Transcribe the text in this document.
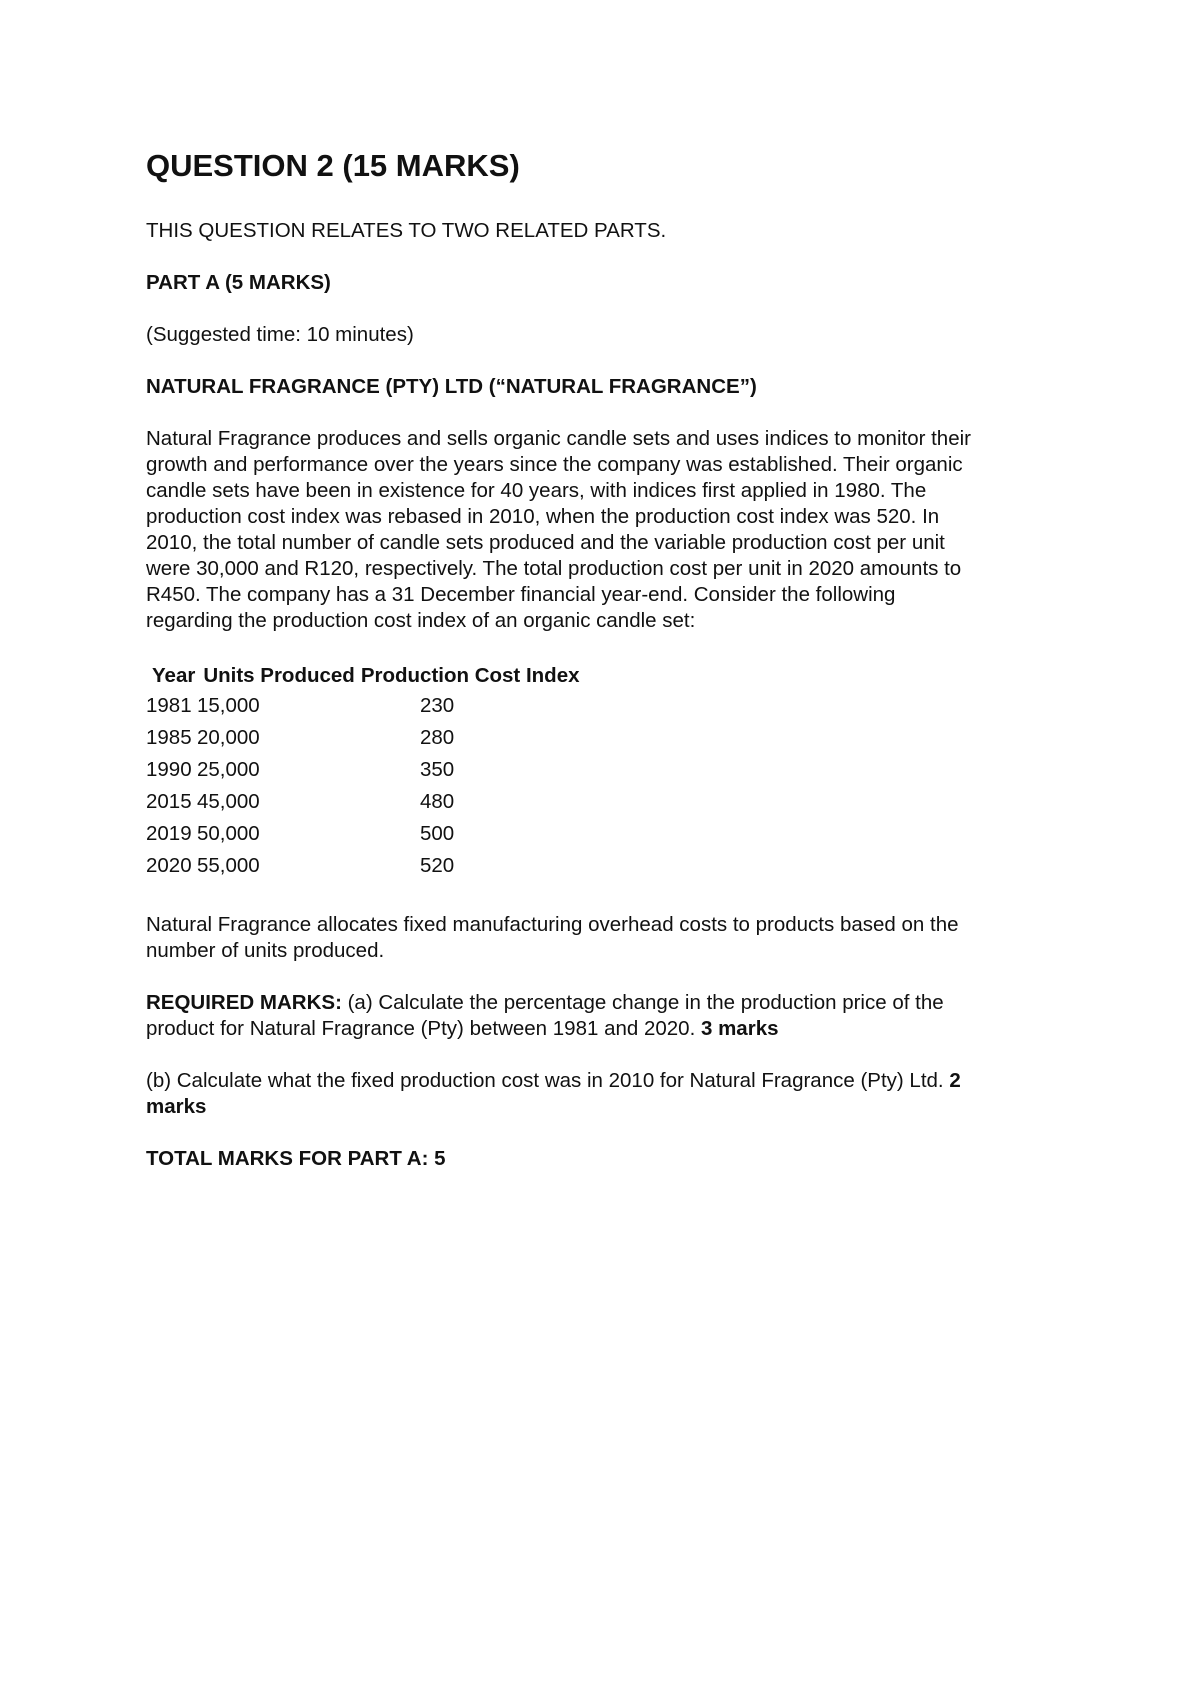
QUESTION 2 (15 MARKS)

THIS QUESTION RELATES TO TWO RELATED PARTS.

PART A (5 MARKS)

(Suggested time: 10 minutes)

NATURAL FRAGRANCE (PTY) LTD (“NATURAL FRAGRANCE”)

Natural Fragrance produces and sells organic candle sets and uses indices to monitor their
growth and performance over the years since the company was established. Their organic
candle sets have been in existence for 40 years, with indices first applied in 1980. The
production cost index was rebased in 2010, when the production cost index was 520. In
2010, the total number of candle sets produced and the variable production cost per unit
were 30,000 and R120, respectively. The total production cost per unit in 2020 amounts to
R450. The company has a 31 December financial year-end. Consider the following
regarding the production cost index of an organic candle set:
Year Units Produced Production Cost Index
1981 15,000	230
1985 20,000	280
1990 25,000	350
2015 45,000	480
2019 50,000	500
2020 55,000	520
Natural Fragrance allocates fixed manufacturing overhead costs to products based on the
number of units produced.
REQUIRED MARKS: (a) Calculate the percentage change in the production price of the
product for Natural Fragrance (Pty) between 1981 and 2020. 3 marks
(b) Calculate what the fixed production cost was in 2010 for Natural Fragrance (Pty) Ltd. 2
marks

TOTAL MARKS FOR PART A: 5
